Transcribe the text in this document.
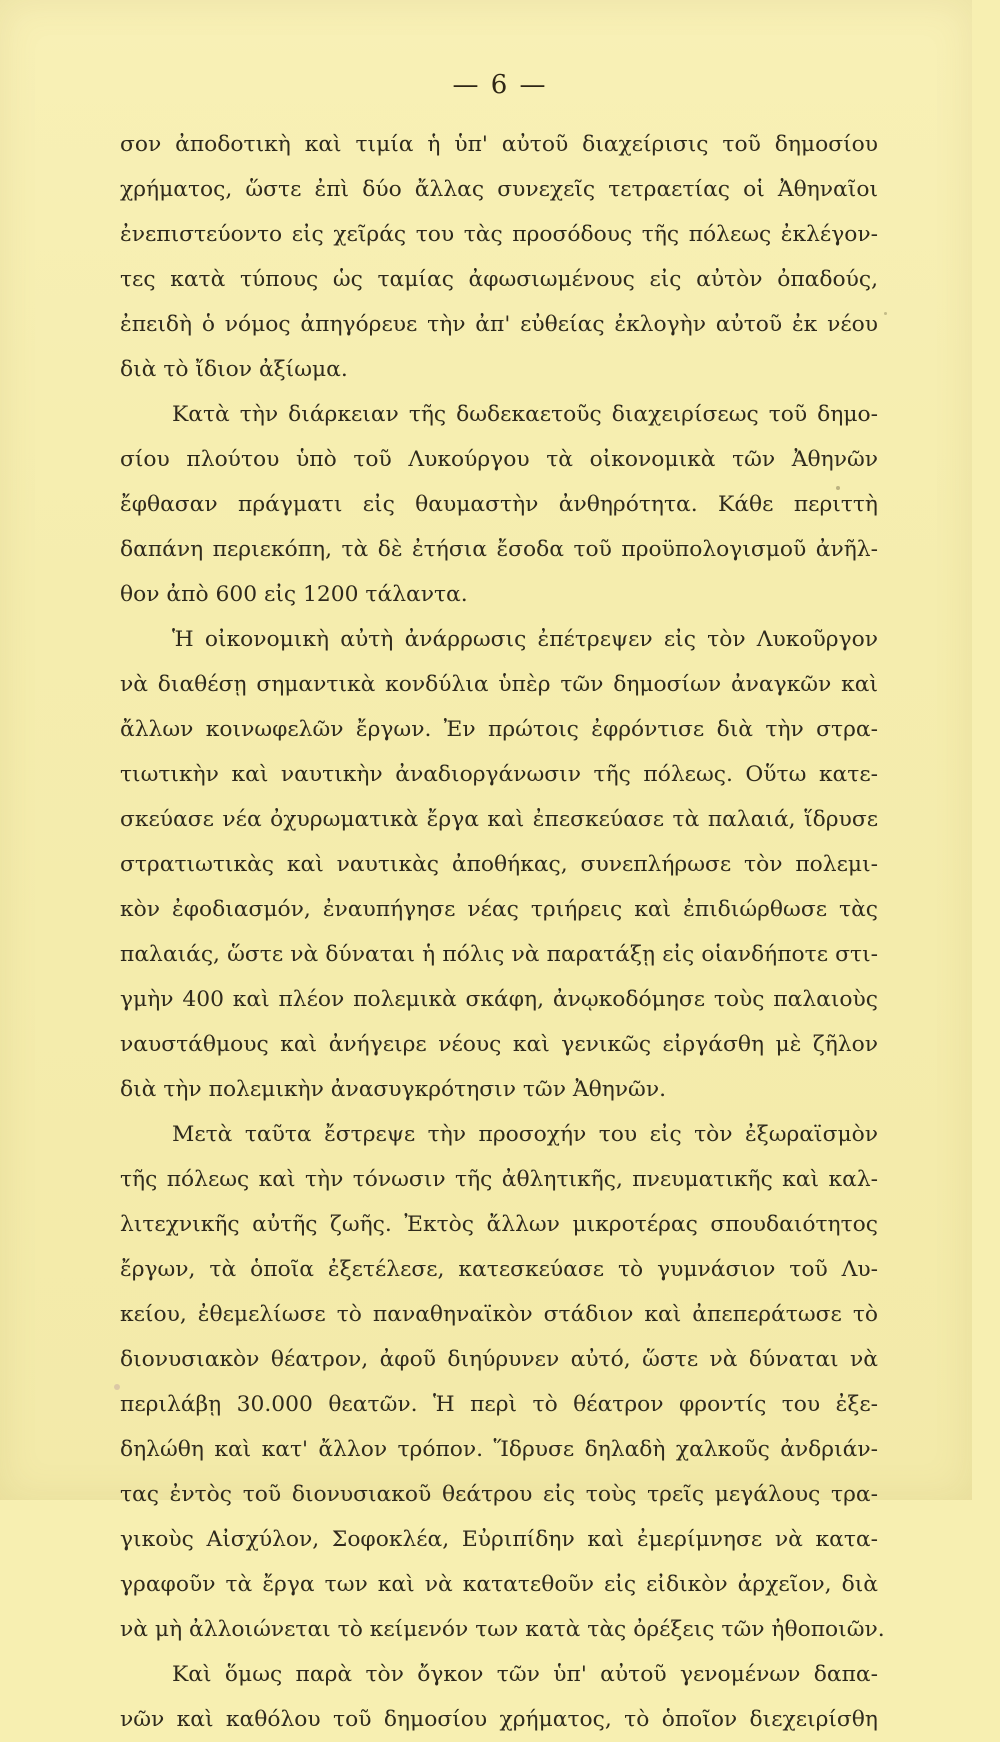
— 6 —
σον ἀποδοτικὴ καὶ τιμία ἡ ὑπ' αὐτοῦ διαχείρισις τοῦ δημοσίου
χρήματος, ὥστε ἐπὶ δύο ἄλλας συνεχεῖς τετραετίας οἱ Ἀθηναῖοι
ἐνεπιστεύοντο εἰς χεῖράς του τὰς προσόδους τῆς πόλεως ἐκλέγον-
τες κατὰ τύπους ὡς ταμίας ἀφωσιωμένους εἰς αὐτὸν ὀπαδούς,
ἐπειδὴ ὁ νόμος ἀπηγόρευε τὴν ἀπ' εὐθείας ἐκλογὴν αὐτοῦ ἐκ νέου
διὰ τὸ ἴδιον ἀξίωμα.
Κατὰ τὴν διάρκειαν τῆς δωδεκαετοῦς διαχειρίσεως τοῦ δημο-
σίου πλούτου ὑπὸ τοῦ Λυκούργου τὰ οἰκονομικὰ τῶν Ἀθηνῶν
ἔφθασαν πράγματι εἰς θαυμαστὴν ἀνθηρότητα. Κάθε περιττὴ
δαπάνη περιεκόπη, τὰ δὲ ἐτήσια ἔσοδα τοῦ προϋπολογισμοῦ ἀνῆλ-
θον ἀπὸ 600 εἰς 1200 τάλαντα.
Ἡ οἰκονομικὴ αὐτὴ ἀνάρρωσις ἐπέτρεψεν εἰς τὸν Λυκοῦργον
νὰ διαθέσῃ σημαντικὰ κονδύλια ὑπὲρ τῶν δημοσίων ἀναγκῶν καὶ
ἄλλων κοινωφελῶν ἔργων. Ἐν πρώτοις ἐφρόντισε διὰ τὴν στρα-
τιωτικὴν καὶ ναυτικὴν ἀναδιοργάνωσιν τῆς πόλεως. Οὕτω κατε-
σκεύασε νέα ὀχυρωματικὰ ἔργα καὶ ἐπεσκεύασε τὰ παλαιά, ἵδρυσε
στρατιωτικὰς καὶ ναυτικὰς ἀποθήκας, συνεπλήρωσε τὸν πολεμι-
κὸν ἐφοδιασμόν, ἐναυπήγησε νέας τριήρεις καὶ ἐπιδιώρθωσε τὰς
παλαιάς, ὥστε νὰ δύναται ἡ πόλις νὰ παρατάξῃ εἰς οἱανδήποτε στι-
γμὴν 400 καὶ πλέον πολεμικὰ σκάφη, ἀνῳκοδόμησε τοὺς παλαιοὺς
ναυστάθμους καὶ ἀνήγειρε νέους καὶ γενικῶς εἰργάσθη μὲ ζῆλον
διὰ τὴν πολεμικὴν ἀνασυγκρότησιν τῶν Ἀθηνῶν.
Μετὰ ταῦτα ἔστρεψε τὴν προσοχήν του εἰς τὸν ἐξωραϊσμὸν
τῆς πόλεως καὶ τὴν τόνωσιν τῆς ἀθλητικῆς, πνευματικῆς καὶ καλ-
λιτεχνικῆς αὐτῆς ζωῆς. Ἐκτὸς ἄλλων μικροτέρας σπουδαιότητος
ἔργων, τὰ ὁποῖα ἐξετέλεσε, κατεσκεύασε τὸ γυμνάσιον τοῦ Λυ-
κείου, ἐθεμελίωσε τὸ παναθηναϊκὸν στάδιον καὶ ἀπεπεράτωσε τὸ
διονυσιακὸν θέατρον, ἀφοῦ διηύρυνεν αὐτό, ὥστε νὰ δύναται νὰ
περιλάβῃ 30.000 θεατῶν. Ἡ περὶ τὸ θέατρον φροντίς του ἐξε-
δηλώθη καὶ κατ' ἄλλον τρόπον. Ἵδρυσε δηλαδὴ χαλκοῦς ἀνδριάν-
τας ἐντὸς τοῦ διονυσιακοῦ θεάτρου εἰς τοὺς τρεῖς μεγάλους τρα-
γικοὺς Αἰσχύλον, Σοφοκλέα, Εὐριπίδην καὶ ἐμερίμνησε νὰ κατα-
γραφοῦν τὰ ἔργα των καὶ νὰ κατατεθοῦν εἰς εἰδικὸν ἀρχεῖον, διὰ
νὰ μὴ ἀλλοιώνεται τὸ κείμενόν των κατὰ τὰς ὀρέξεις τῶν ἠθοποιῶν.
Καὶ ὅμως παρὰ τὸν ὄγκον τῶν ὑπ' αὐτοῦ γενομένων δαπα-
νῶν καὶ καθόλου τοῦ δημοσίου χρήματος, τὸ ὁποῖον διεχειρίσθη
